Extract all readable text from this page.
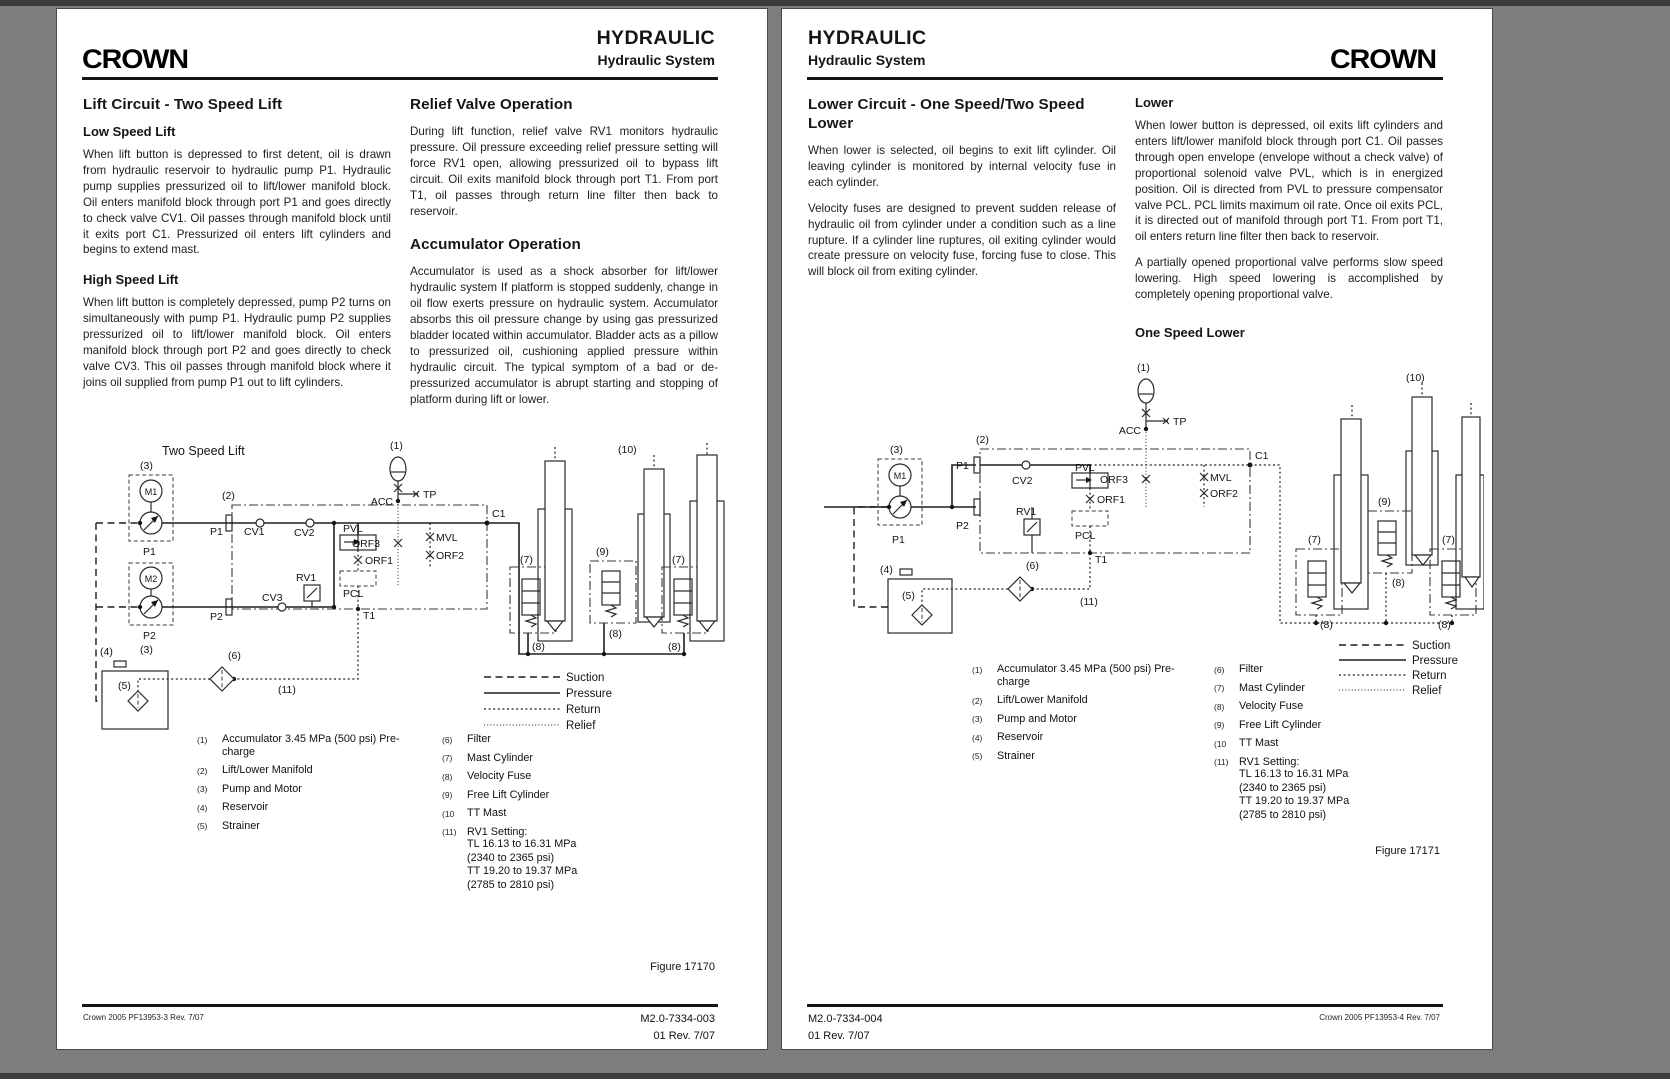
CROWN
HYDRAULIC
Hydraulic System
Lift Circuit - Two Speed Lift
Low Speed Lift
When lift button is depressed to first detent, oil is drawn from hydraulic reservoir to hydraulic pump P1. Hydraulic pump supplies pressurized oil to lift/lower manifold block. Oil enters manifold block through port P1 and goes directly to check valve CV1. Oil passes through manifold block until it exits port C1. Pressurized oil enters lift cylinders and begins to extend mast.
High Speed Lift
When lift button is completely depressed, pump P2 turns on simultaneously with pump P1. Hydraulic pump P2 supplies pressurized oil to lift/lower manifold block. Oil enters manifold block through port P2 and goes directly to check valve CV3. This oil passes through manifold block where it joins oil supplied from pump P1 out to lift cylinders.
Relief Valve Operation
During lift function, relief valve RV1 monitors hydraulic pressure. Oil pressure exceeding relief pressure setting will force RV1 open, allowing pressurized oil to bypass lift circuit. Oil exits manifold block through port T1. From port T1, oil passes through return line filter then back to reservoir.
Accumulator Operation
Accumulator is used as a shock absorber for lift/lower hydraulic system If platform is stopped suddenly, change in oil flow exerts pressure on hydraulic system. Accumulator absorbs this oil pressure change by using gas pressurized bladder located within accumulator. Bladder acts as a pillow to pressurized oil, cushioning applied pressure within hydraulic circuit. The typical symptom of a bad or de-pressurized accumulator is abrupt starting and stopping of platform during lift or lower.
Two Speed Lift
M1
(3)
P1
M2
P2
(3)
(2)
P1 CV1	CV2
CV3
P2
RV1
PVL
ORF1
PCL
T1
(1)
ACC
TP
ORF3	MVL
ORF2
C1
(7)
(8)
(9)
(8)
(10)
(7)
(8)
(6)
(11)
(4)
(5)
Suction
Pressure
Return
Relief
(1)	Accumulator 3.45 MPa (500 psi) Pre-charge
(2)	Lift/Lower Manifold
(3)	Pump and Motor
(4)	Reservoir
(5)	Strainer
(6)	Filter
(7)	Mast Cylinder
(8)	Velocity Fuse
(9)	Free Lift Cylinder
(10	TT Mast
(11) RV1 Setting:
TL 16.13 to 16.31 MPa
(2340 to 2365 psi)
TT 19.20 to 19.37 MPa
(2785 to 2810 psi)
Figure 17170
Crown 2005 PF13953-3 Rev. 7/07	M2.0-7334-003
01 Rev. 7/07
HYDRAULIC
Hydraulic System	CROWN
Lower Circuit - One Speed/Two Speed Lower
When lower is selected, oil begins to exit lift cylinder. Oil leaving cylinder is monitored by internal velocity fuse in each cylinder.
Velocity fuses are designed to prevent sudden release of hydraulic oil from cylinder under a condition such as a line rupture. If a cylinder line ruptures, oil exiting cylinder would create pressure on velocity fuse, forcing fuse to close. This will block oil from exiting cylinder.
Lower
When lower button is depressed, oil exits lift cylinders and enters lift/lower manifold block through port C1. Oil passes through open envelope (envelope without a check valve) of proportional solenoid valve PVL, which is in energized position. Oil is directed from PVL to pressure compensator valve PCL. PCL limits maximum oil rate. Once oil exits PCL, it is directed out of manifold through port T1. From port T1, oil enters return line filter then back to reservoir.
A partially opened proportional valve performs slow speed lowering. High speed lowering is accomplished by completely opening proportional valve.
One Speed Lower
(3)
M1
P1
(2)
P1
P2
CV2
RV1
PVL
ORF1
PCL
T1
(1)
ACC
TP
ORF3	MVL
ORF2
C1
(7)
(8)
(9)
(8)
(10)
(7)
(8)
(6)
(11)
(4)
(5)
Suction
Pressure
Return
Relief
(1)	Accumulator 3.45 MPa (500 psi) Pre-charge
(2)	Lift/Lower Manifold
(3)	Pump and Motor
(4)	Reservoir
(5)	Strainer
(6)	Filter
(7)	Mast Cylinder
(8)	Velocity Fuse
(9)	Free Lift Cylinder
(10	TT Mast
(11) RV1 Setting:
TL 16.13 to 16.31 MPa
(2340 to 2365 psi)
TT 19.20 to 19.37 MPa
(2785 to 2810 psi)
Figure 17171
M2.0-7334-004
01 Rev. 7/07
Crown 2005 PF13953-4 Rev. 7/07
